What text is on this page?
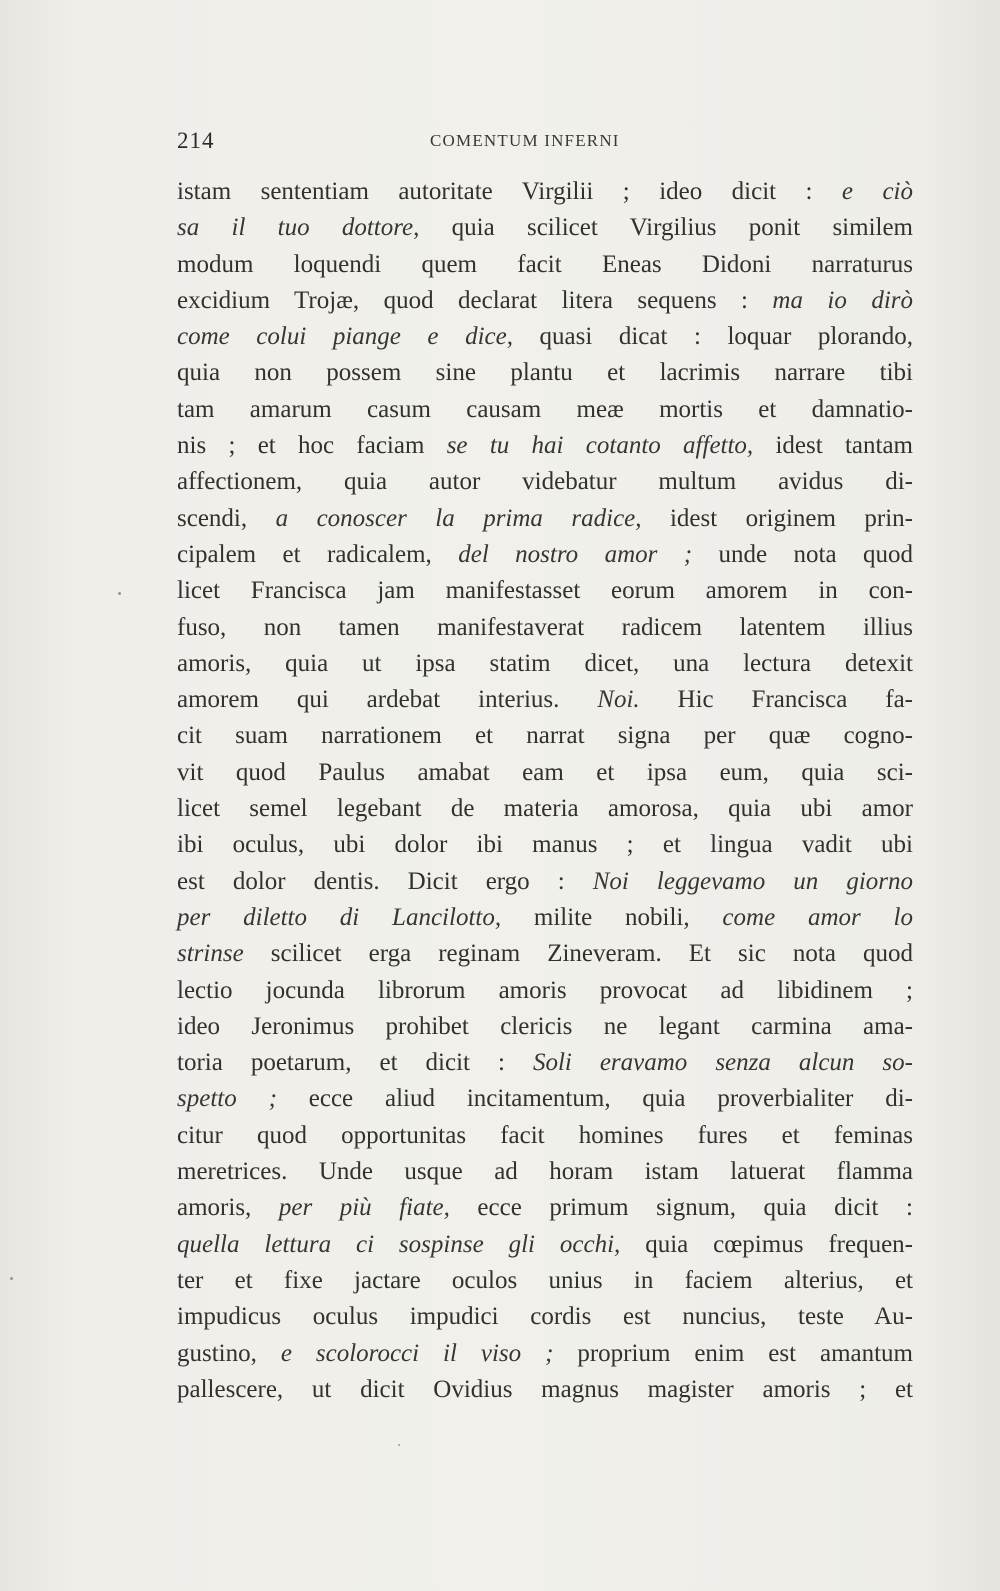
214	COMENTUM INFERNI
istam sententiam autoritate Virgilii ; ideo dicit : e ciò
sa il tuo dottore, quia scilicet Virgilius ponit similem
modum loquendi quem facit Eneas Didoni narraturus
excidium Trojæ, quod declarat litera sequens : ma io dirò
come colui piange e dice, quasi dicat : loquar plorando,
quia non possem sine plantu et lacrimis narrare tibi
tam amarum casum causam meæ mortis et damnatio-
nis ; et hoc faciam se tu hai cotanto affetto, idest tantam
affectionem, quia autor videbatur multum avidus di-
scendi, a conoscer la prima radice, idest originem prin-
cipalem et radicalem, del nostro amor ; unde nota quod
licet Francisca jam manifestasset eorum amorem in con-
fuso, non tamen manifestaverat radicem latentem illius
amoris, quia ut ipsa statim dicet, una lectura detexit
amorem qui ardebat interius. Noi. Hic Francisca fa-
cit suam narrationem et narrat signa per quæ cogno-
vit quod Paulus amabat eam et ipsa eum, quia sci-
licet semel legebant de materia amorosa, quia ubi amor
ibi oculus, ubi dolor ibi manus ; et lingua vadit ubi
est dolor dentis. Dicit ergo : Noi leggevamo un giorno
per diletto di Lancilotto, milite nobili, come amor lo
strinse scilicet erga reginam Zineveram. Et sic nota quod
lectio jocunda librorum amoris provocat ad libidinem ;
ideo Jeronimus prohibet clericis ne legant carmina ama-
toria poetarum, et dicit : Soli eravamo senza alcun so-
spetto ; ecce aliud incitamentum, quia proverbialiter di-
citur quod opportunitas facit homines fures et feminas
meretrices. Unde usque ad horam istam latuerat flamma
amoris, per più fiate, ecce primum signum, quia dicit :
quella lettura ci sospinse gli occhi, quia cœpimus frequen-
ter et fixe jactare oculos unius in faciem alterius, et
impudicus oculus impudici cordis est nuncius, teste Au-
gustino, e scolorocci il viso ; proprium enim est amantum
pallescere, ut dicit Ovidius magnus magister amoris ; et
